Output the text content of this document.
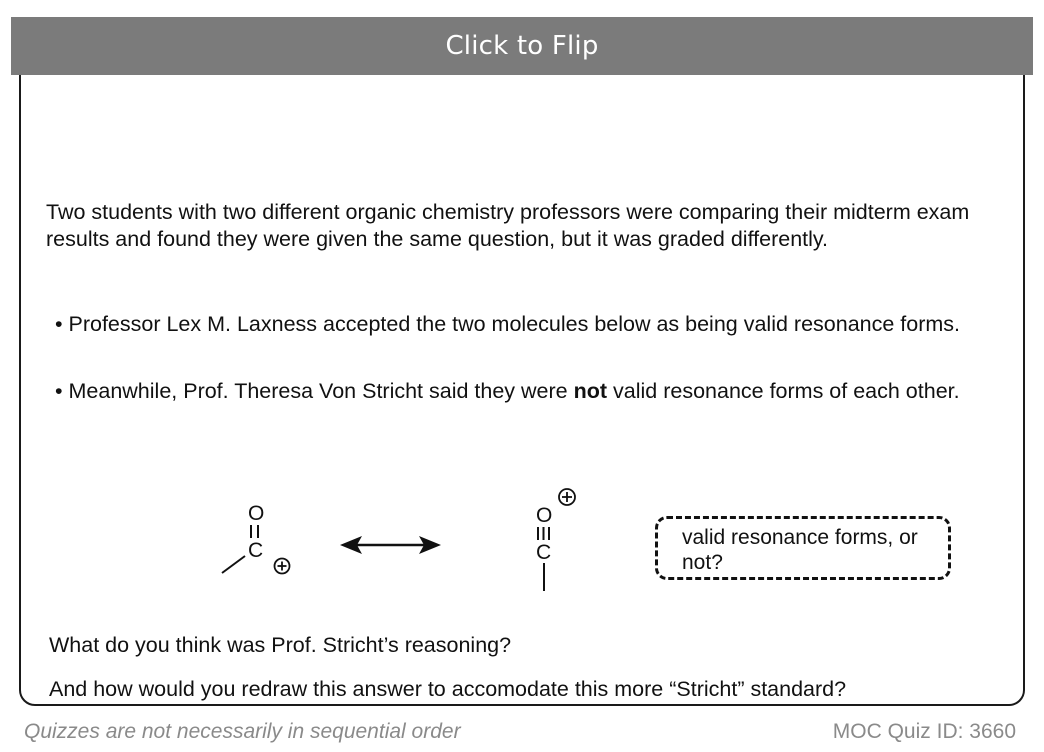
Click to Flip
Two students with two different organic chemistry professors were comparing their midterm exam results and found they were given the same question, but it was graded differently.
• Professor Lex M. Laxness accepted the two molecules below as being valid resonance forms.
• Meanwhile, Prof. Theresa Von Stricht said they were not valid resonance forms of each other.
O
C
O
C
valid resonance forms, or not?
What do you think was Prof. Stricht’s reasoning?
And how would you redraw this answer to accomodate this more “Stricht” standard?
Quizzes are not necessarily in sequential order	MOC Quiz ID: 3660
